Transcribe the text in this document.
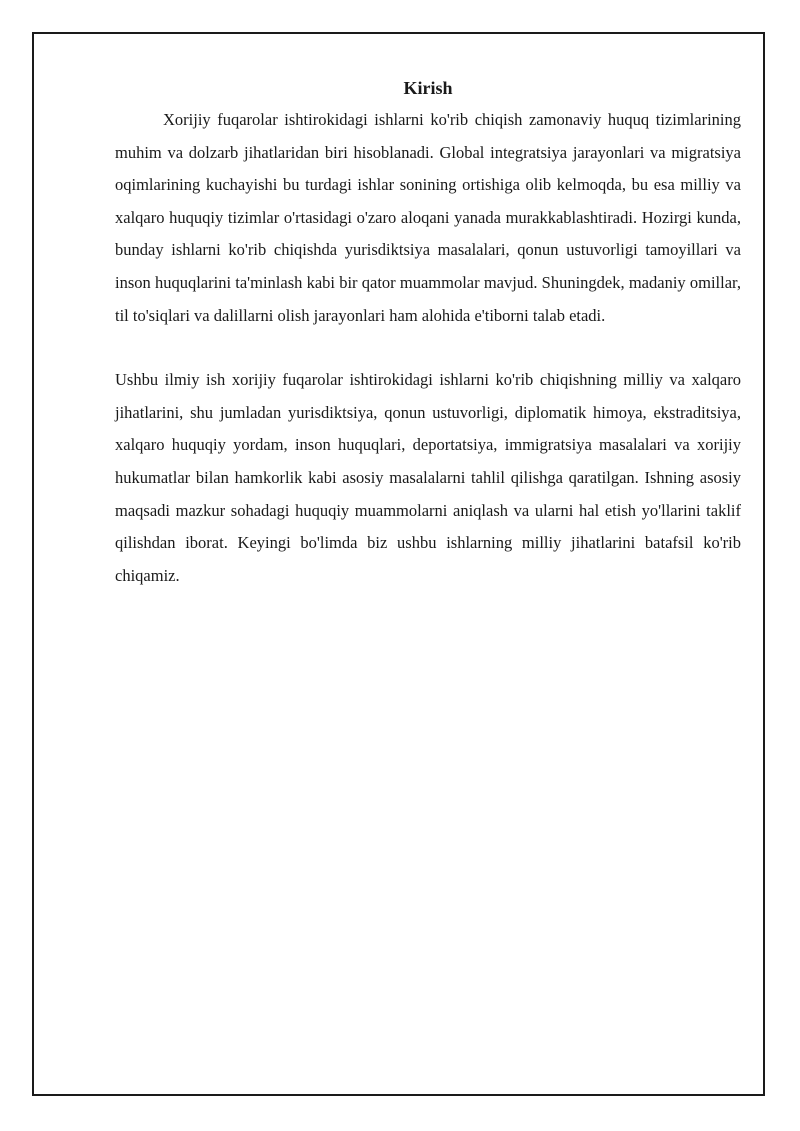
Kirish

Xorijiy fuqarolar ishtirokidagi ishlarni ko'rib chiqish zamonaviy huquq tizimlarining muhim va dolzarb jihatlaridan biri hisoblanadi. Global integratsiya jarayonlari va migratsiya oqimlarining kuchayishi bu turdagi ishlar sonining ortishiga olib kelmoqda, bu esa milliy va xalqaro huquqiy tizimlar o'rtasidagi o'zaro aloqani yanada murakkablashtiradi. Hozirgi kunda, bunday ishlarni ko'rib chiqishda yurisdiktsiya masalalari, qonun ustuvorligi tamoyillari va inson huquqlarini ta'minlash kabi bir qator muammolar mavjud. Shuningdek, madaniy omillar, til to'siqlari va dalillarni olish jarayonlari ham alohida e'tiborni talab etadi.

Ushbu ilmiy ish xorijiy fuqarolar ishtirokidagi ishlarni ko'rib chiqishning milliy va xalqaro jihatlarini, shu jumladan yurisdiktsiya, qonun ustuvorligi, diplomatik himoya, ekstraditsiya, xalqaro huquqiy yordam, inson huquqlari, deportatsiya, immigratsiya masalalari va xorijiy hukumatlar bilan hamkorlik kabi asosiy masalalarni tahlil qilishga qaratilgan. Ishning asosiy maqsadi mazkur sohadagi huquqiy muammolarni aniqlash va ularni hal etish yo'llarini taklif qilishdan iborat. Keyingi bo'limda biz ushbu ishlarning milliy jihatlarini batafsil ko'rib chiqamiz.
